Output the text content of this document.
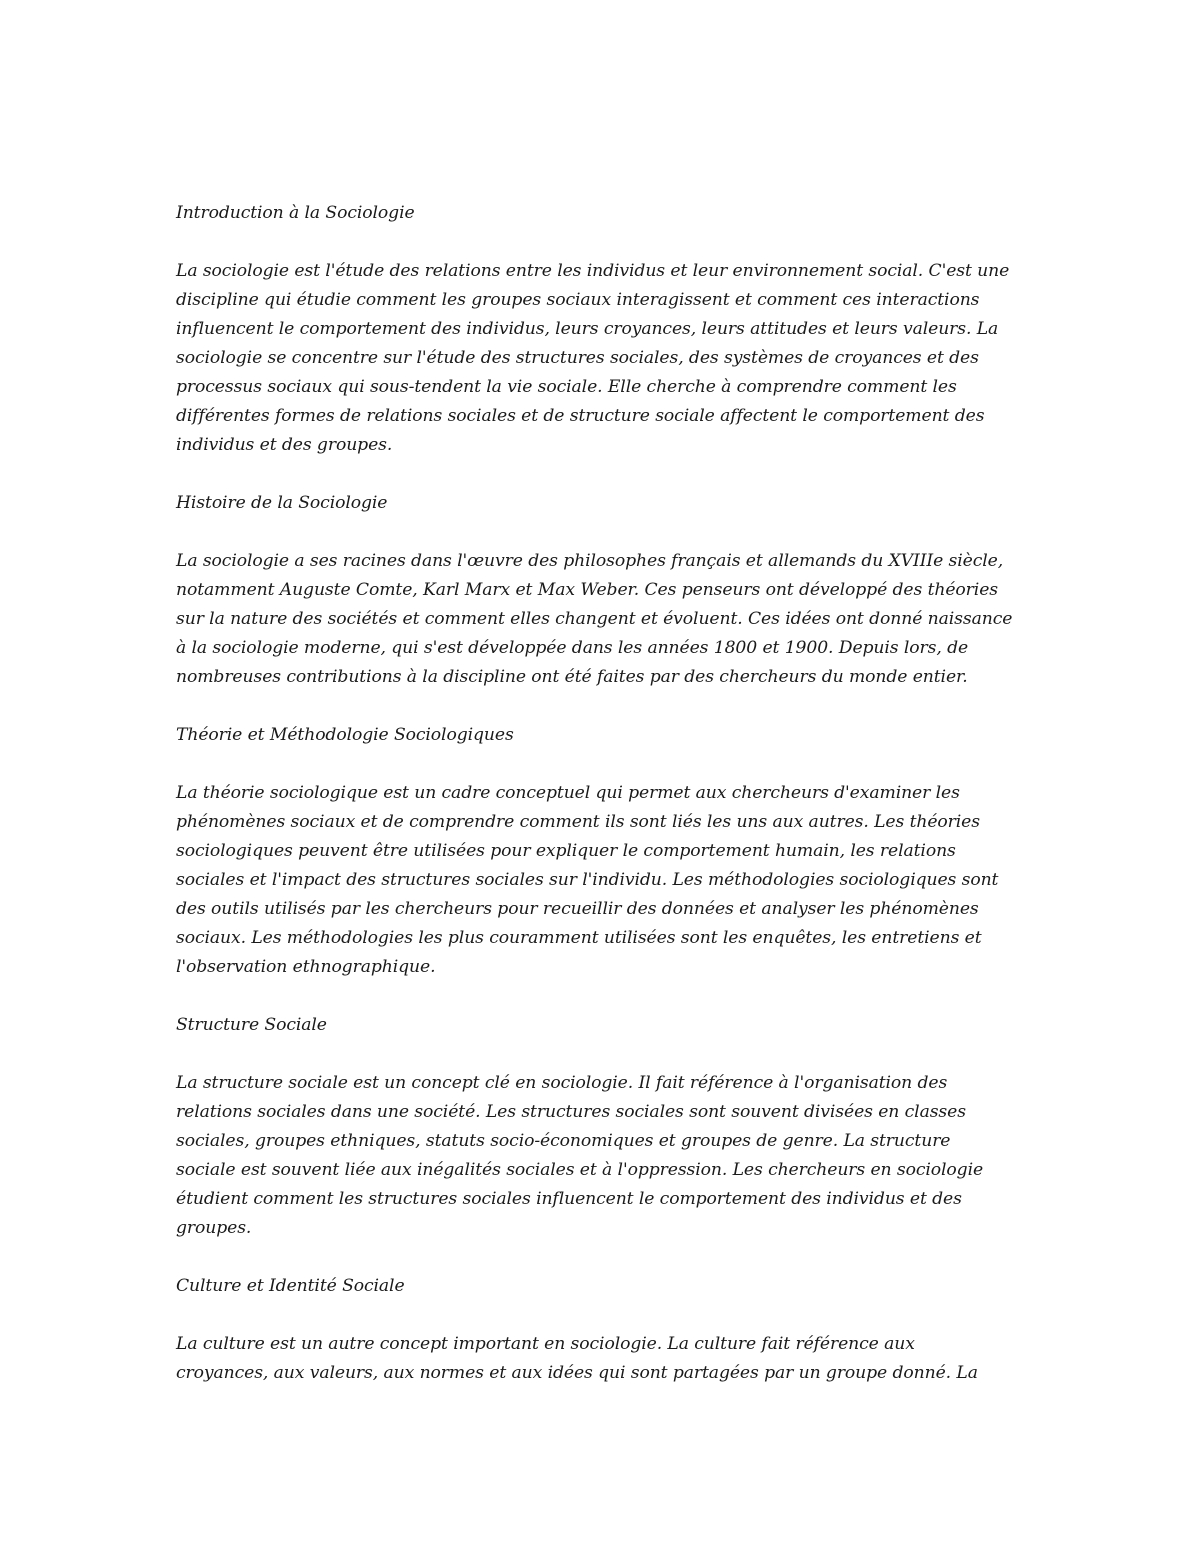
Introduction à la Sociologie
La sociologie est l'étude des relations entre les individus et leur environnement social. C'est une
discipline qui étudie comment les groupes sociaux interagissent et comment ces interactions
influencent le comportement des individus, leurs croyances, leurs attitudes et leurs valeurs. La
sociologie se concentre sur l'étude des structures sociales, des systèmes de croyances et des
processus sociaux qui sous-tendent la vie sociale. Elle cherche à comprendre comment les
différentes formes de relations sociales et de structure sociale affectent le comportement des
individus et des groupes.
Histoire de la Sociologie
La sociologie a ses racines dans l'œuvre des philosophes français et allemands du XVIIIe siècle,
notamment Auguste Comte, Karl Marx et Max Weber. Ces penseurs ont développé des théories
sur la nature des sociétés et comment elles changent et évoluent. Ces idées ont donné naissance
à la sociologie moderne, qui s'est développée dans les années 1800 et 1900. Depuis lors, de
nombreuses contributions à la discipline ont été faites par des chercheurs du monde entier.
Théorie et Méthodologie Sociologiques
La théorie sociologique est un cadre conceptuel qui permet aux chercheurs d'examiner les
phénomènes sociaux et de comprendre comment ils sont liés les uns aux autres. Les théories
sociologiques peuvent être utilisées pour expliquer le comportement humain, les relations
sociales et l'impact des structures sociales sur l'individu. Les méthodologies sociologiques sont
des outils utilisés par les chercheurs pour recueillir des données et analyser les phénomènes
sociaux. Les méthodologies les plus couramment utilisées sont les enquêtes, les entretiens et
l'observation ethnographique.
Structure Sociale
La structure sociale est un concept clé en sociologie. Il fait référence à l'organisation des
relations sociales dans une société. Les structures sociales sont souvent divisées en classes
sociales, groupes ethniques, statuts socio-économiques et groupes de genre. La structure
sociale est souvent liée aux inégalités sociales et à l'oppression. Les chercheurs en sociologie
étudient comment les structures sociales influencent le comportement des individus et des
groupes.
Culture et Identité Sociale
La culture est un autre concept important en sociologie. La culture fait référence aux
croyances, aux valeurs, aux normes et aux idées qui sont partagées par un groupe donné. La
